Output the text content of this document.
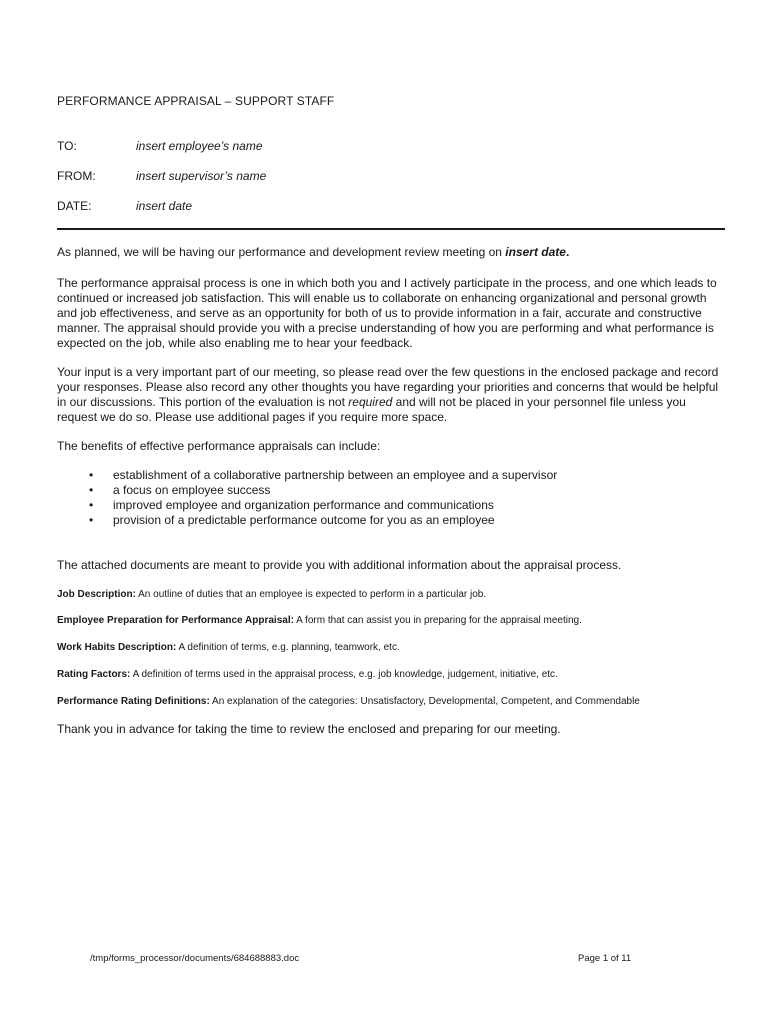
PERFORMANCE APPRAISAL – SUPPORT STAFF
TO:	insert employee’s name
FROM:	insert supervisor’s name
DATE:	insert date
As planned, we will be having our performance and development review meeting on insert date.
The performance appraisal process is one in which both you and I actively participate in the process, and one which leads to continued or increased job satisfaction. This will enable us to collaborate on enhancing organizational and personal growth and job effectiveness, and serve as an opportunity for both of us to provide information in a fair, accurate and constructive manner. The appraisal should provide you with a precise understanding of how you are performing and what performance is expected on the job, while also enabling me to hear your feedback.
Your input is a very important part of our meeting, so please read over the few questions in the enclosed package and record your responses. Please also record any other thoughts you have regarding your priorities and concerns that would be helpful in our discussions. This portion of the evaluation is not required and will not be placed in your personnel file unless you request we do so. Please use additional pages if you require more space.
The benefits of effective performance appraisals can include:
• establishment of a collaborative partnership between an employee and a supervisor
• a focus on employee success
• improved employee and organization performance and communications
• provision of a predictable performance outcome for you as an employee
The attached documents are meant to provide you with additional information about the appraisal process.
Job Description: An outline of duties that an employee is expected to perform in a particular job.
Employee Preparation for Performance Appraisal: A form that can assist you in preparing for the appraisal meeting.
Work Habits Description: A definition of terms, e.g. planning, teamwork, etc.
Rating Factors: A definition of terms used in the appraisal process, e.g. job knowledge, judgement, initiative, etc.
Performance Rating Definitions: An explanation of the categories: Unsatisfactory, Developmental, Competent, and Commendable
Thank you in advance for taking the time to review the enclosed and preparing for our meeting.
/tmp/forms_processor/documents/684688883.doc	Page 1 of 11
